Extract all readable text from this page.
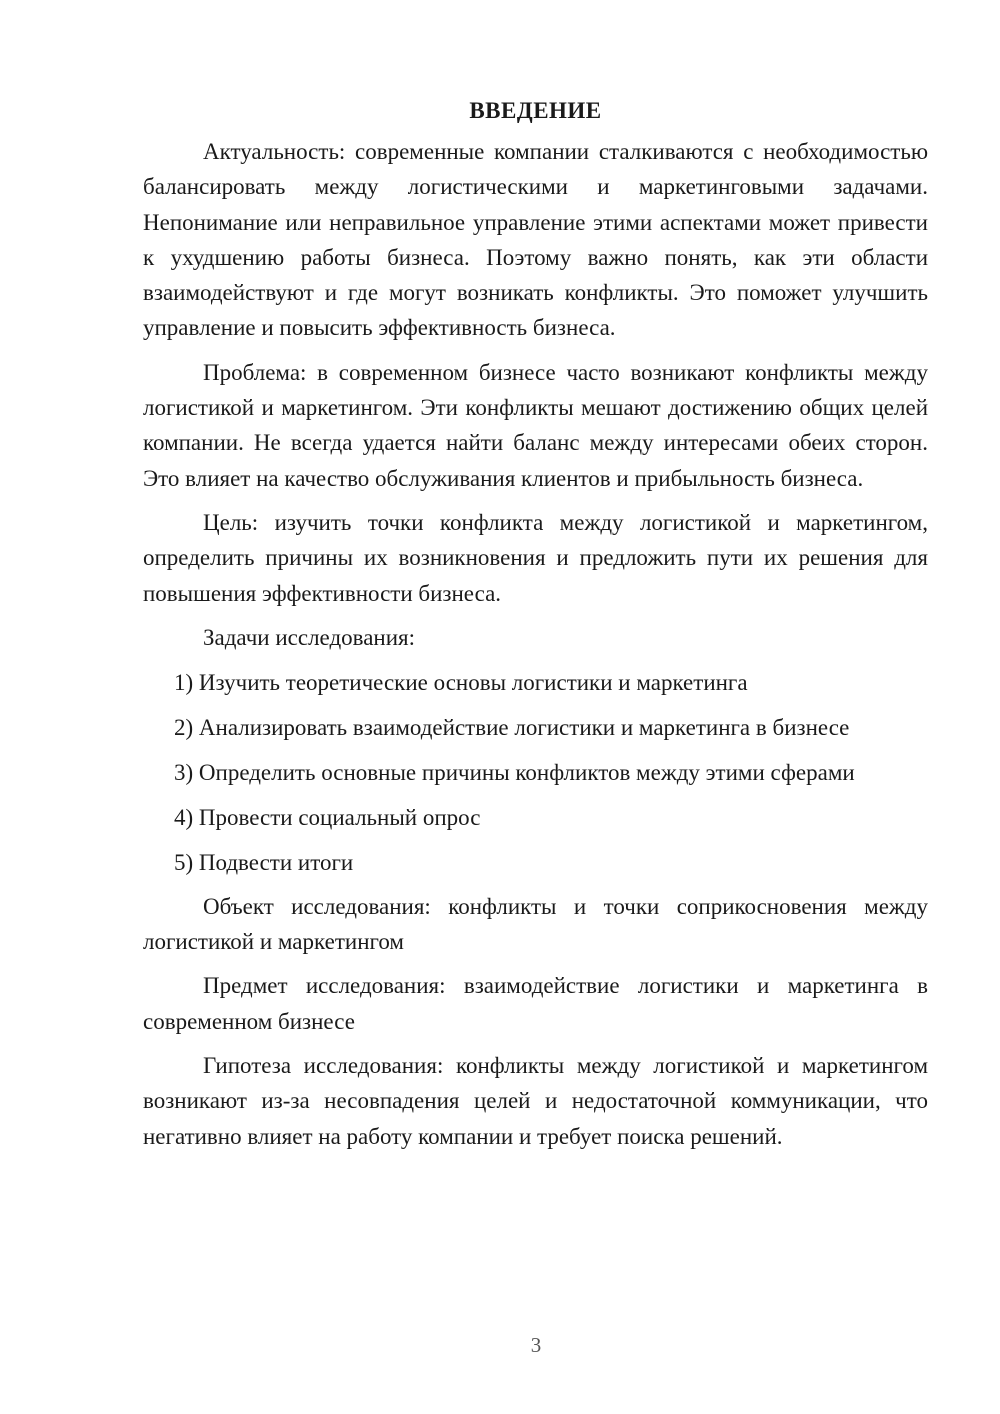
ВВЕДЕНИЕ

Актуальность: современные компании сталкиваются с необходимостью балансировать между логистическими и маркетинговыми задачами. Непонимание или неправильное управление этими аспектами может привести к ухудшению работы бизнеса. Поэтому важно понять, как эти области взаимодействуют и где могут возникать конфликты. Это поможет улучшить управление и повысить эффективность бизнеса.

Проблема: в современном бизнесе часто возникают конфликты между логистикой и маркетингом. Эти конфликты мешают достижению общих целей компании. Не всегда удается найти баланс между интересами обеих сторон. Это влияет на качество обслуживания клиентов и прибыльность бизнеса.

Цель: изучить точки конфликта между логистикой и маркетингом, определить причины их возникновения и предложить пути их решения для повышения эффективности бизнеса.

Задачи исследования:
1) Изучить теоретические основы логистики и маркетинга
2) Анализировать взаимодействие логистики и маркетинга в бизнесе
3) Определить основные причины конфликтов между этими сферами
4) Провести социальный опрос
5) Подвести итоги

Объект исследования: конфликты и точки соприкосновения между логистикой и маркетингом

Предмет исследования: взаимодействие логистики и маркетинга в современном бизнесе

Гипотеза исследования: конфликты между логистикой и маркетингом возникают из-за несовпадения целей и недостаточной коммуникации, что негативно влияет на работу компании и требует поиска решений.

3
